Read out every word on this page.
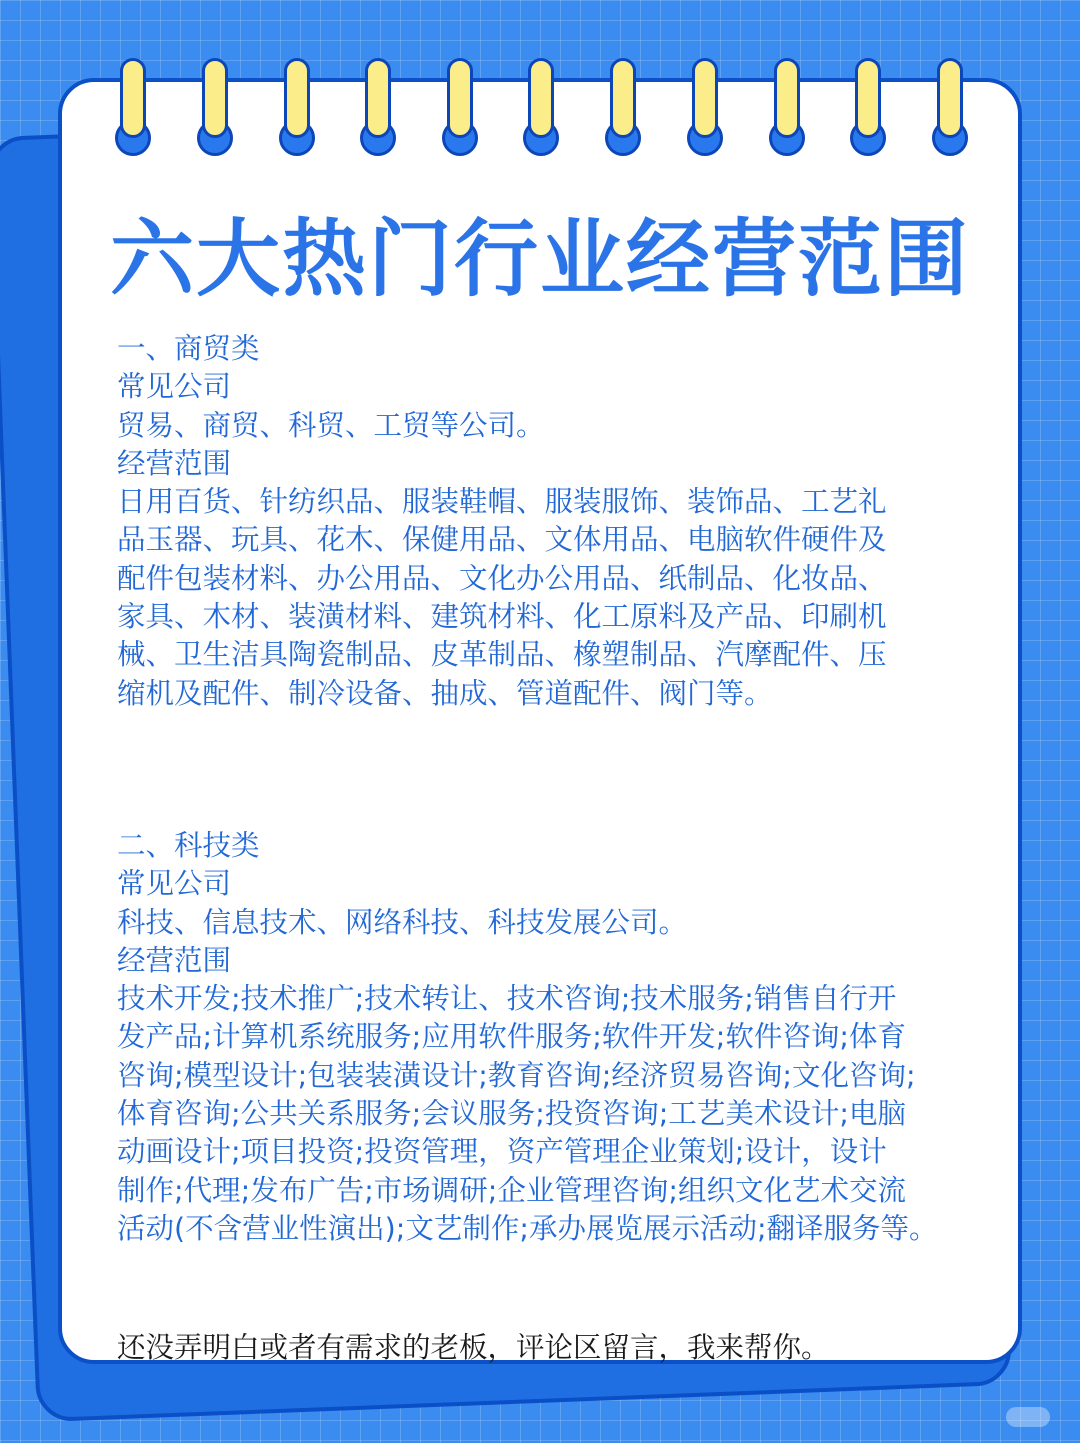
六大热门行业经营范围

一、商贸类

常见公司

贸易、商贸、科贸、工贸等公司。

经营范围

日用百货、针纺织品、服装鞋帽、服装服饰、装饰品、工艺礼

品玉器、玩具、花木、保健用品、文体用品、电脑软件硬件及

配件包装材料、办公用品、文化办公用品、纸制品、化妆品、

家具、木材、装潢材料、建筑材料、化工原料及产品、印刷机

械、卫生洁具陶瓷制品、皮革制品、橡塑制品、汽摩配件、压

缩机及配件、制冷设备、抽成、管道配件、阀门等。

二、科技类

常见公司

科技、信息技术、网络科技、科技发展公司。

经营范围

技术开发;技术推广;技术转让、技术咨询;技术服务;销售自行开

发产品;计算机系统服务;应用软件服务;软件开发;软件咨询;体育

咨询;模型设计;包装装潢设计;教育咨询;经济贸易咨询;文化咨询;

体育咨询;公共关系服务;会议服务;投资咨询;工艺美术设计;电脑

动画设计;项目投资;投资管理，资产管理企业策划;设计，设计

制作;代理;发布广告;市场调研;企业管理咨询;组织文化艺术交流

活动(不含营业性演出);文艺制作;承办展览展示活动;翻译服务等。

还没弄明白或者有需求的老板，评论区留言，我来帮你。
